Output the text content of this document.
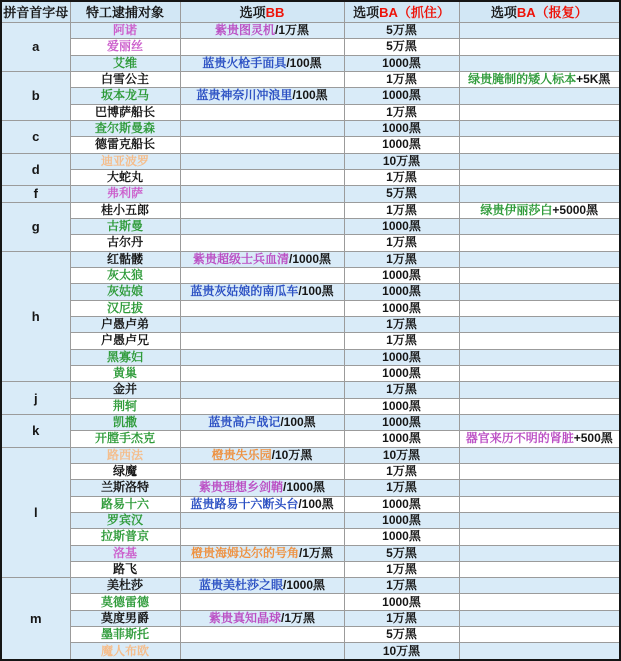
拼音首字母	特工逮捕对象	选项BB	选项BA（抓住）	选项BA（报复）
a	阿诺	紫贵图灵机/1万黑	5万黑	
	爱丽丝		5万黑	
	艾维	蓝贵火枪手面具/100黑	1000黑	
b	白雪公主		1万黑	绿贵腌制的矮人标本+5K黑
	坂本龙马	蓝贵神奈川冲浪里/100黑	1000黑	
	巴博萨船长		1万黑	
c	查尔斯曼森		1000黑	
	德雷克船长		1000黑	
d	迪亚波罗		10万黑	
	大蛇丸		1万黑	
f	弗利萨		5万黑	
g	桂小五郎		1万黑	绿贵伊丽莎白+5000黑
	古斯曼		1000黑	
	古尔丹		1万黑	
h	红骷髅	紫贵超级士兵血清/1000黑	1万黑	
	灰太狼		1000黑	
	灰姑娘	蓝贵灰姑娘的南瓜车/100黑	1000黑	
	汉尼拔		1000黑	
	户愚卢弟		1万黑	
	户愚卢兄		1万黑	
	黑寡妇		1000黑	
	黄巢		1000黑	
j	金并		1万黑	
	荆轲		1000黑	
k	凯撒	蓝贵高卢战记/100黑	1000黑	
	开膛手杰克		1000黑	器官来历不明的肾脏+500黑
l	路西法	橙贵失乐园/10万黑	10万黑	
	绿魔		1万黑	
	兰斯洛特	紫贵理想乡剑鞘/1000黑	1万黑	
	路易十六	蓝贵路易十六断头台/100黑	1000黑	
	罗宾汉		1000黑	
	拉斯普京		1000黑	
	洛基	橙贵海姆达尔的号角/1万黑	5万黑	
	路飞		1万黑	
m	美杜莎	蓝贵美杜莎之眼/1000黑	1万黑	
	莫德雷德		1000黑	
	莫度男爵	紫贵真知晶球/1万黑	1万黑	
	墨菲斯托		5万黑	
	魔人布欧		10万黑	
